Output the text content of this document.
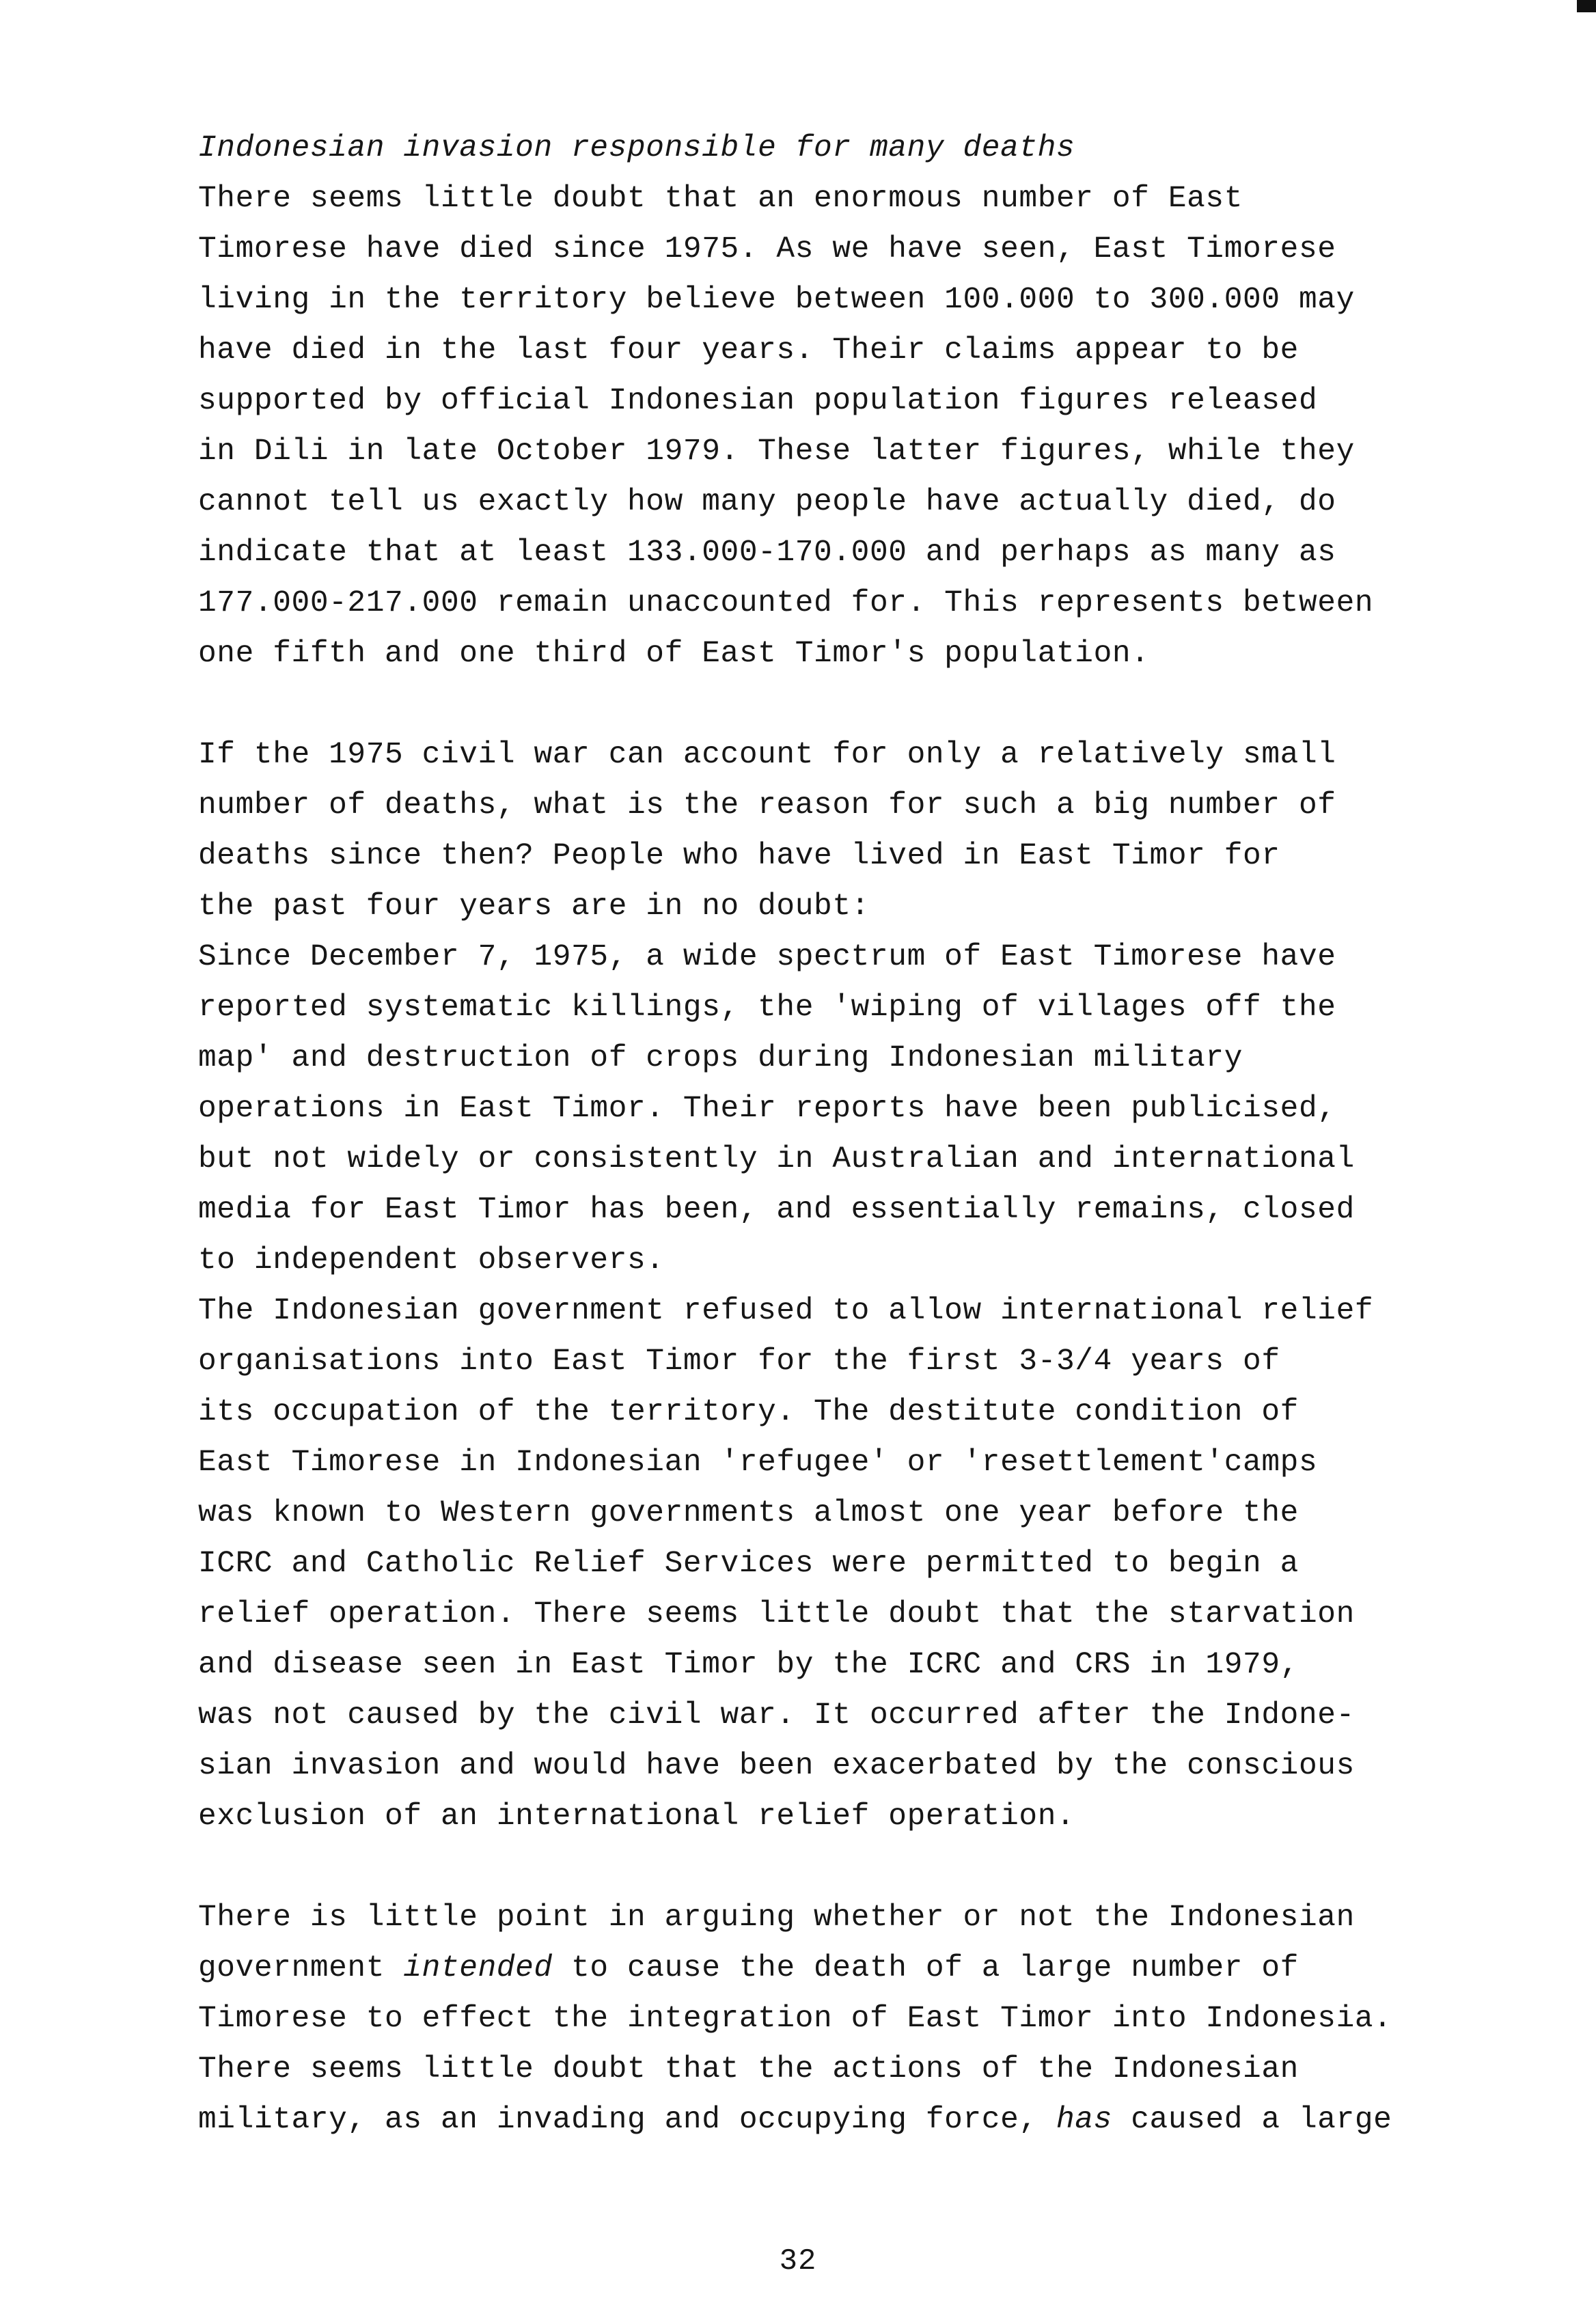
Indonesian invasion responsible for many deaths

There seems little doubt that an enormous number of East

Timorese have died since 1975. As we have seen, East Timorese

living in the territory believe between 100.000 to 300.000 may

have died in the last four years. Their claims appear to be

supported by official Indonesian population figures released

in Dili in late October 1979. These latter figures, while they

cannot tell us exactly how many people have actually died, do

indicate that at least 133.000-170.000 and perhaps as many as

177.000-217.000 remain unaccounted for. This represents between

one fifth and one third of East Timor's population.

If the 1975 civil war can account for only a relatively small

number of deaths, what is the reason for such a big number of

deaths since then? People who have lived in East Timor for

the past four years are in no doubt:

Since December 7, 1975, a wide spectrum of East Timorese have

reported systematic killings, the 'wiping of villages off the

map' and destruction of crops during Indonesian military

operations in East Timor. Their reports have been publicised,

but not widely or consistently in Australian and international

media for East Timor has been, and essentially remains, closed

to independent observers.

The Indonesian government refused to allow international relief

organisations into East Timor for the first 3-3/4 years of

its occupation of the territory. The destitute condition of

East Timorese in Indonesian 'refugee' or 'resettlement'camps

was known to Western governments almost one year before the

ICRC and Catholic Relief Services were permitted to begin a

relief operation. There seems little doubt that the starvation

and disease seen in East Timor by the ICRC and CRS in 1979,

was not caused by the civil war. It occurred after the Indone-

sian invasion and would have been exacerbated by the conscious

exclusion of an international relief operation.

There is little point in arguing whether or not the Indonesian

government intended to cause the death of a large number of

Timorese to effect the integration of East Timor into Indonesia.

There seems little doubt that the actions of the Indonesian

military, as an invading and occupying force, has caused a large

32
